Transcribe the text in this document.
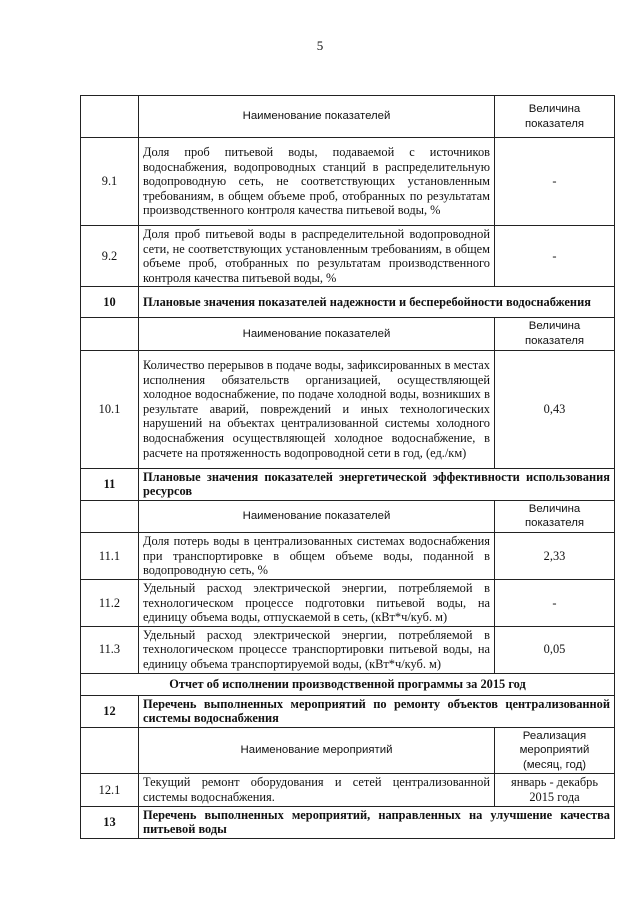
5
	Наименование показателей	Величина показателя
9.1	Доля проб питьевой воды, подаваемой с источников водоснабжения, водопроводных станций в распределительную водопроводную сеть, не соответствующих установленным требованиям, в общем объеме проб, отобранных по результатам производственного контроля качества питьевой воды, %	-
9.2	Доля проб питьевой воды в распределительной водопроводной сети, не соответствующих установленным требованиям, в общем объеме проб, отобранных по результатам производственного контроля качества питьевой воды, %	-
10	Плановые значения показателей надежности и бесперебойности водоснабжения	
	Наименование показателей	Величина показателя
10.1	Количество перерывов в подаче воды, зафиксированных в местах исполнения обязательств организацией, осуществляющей холодное водоснабжение, по подаче холодной воды, возникших в результате аварий, повреждений и иных технологических нарушений на объектах централизованной системы холодного водоснабжения осуществляющей холодное водоснабжение, в расчете на протяженность водопроводной сети в год, (ед./км)	0,43
11	Плановые значения показателей энергетической эффективности использования ресурсов	
	Наименование показателей	Величина показателя
11.1	Доля потерь воды в централизованных системах водоснабжения при транспортировке в общем объеме воды, поданной в водопроводную сеть, %	2,33
11.2	Удельный расход электрической энергии, потребляемой в технологическом процессе подготовки питьевой воды, на единицу объема воды, отпускаемой в сеть, (кВт*ч/куб. м)	-
11.3	Удельный расход электрической энергии, потребляемой в технологическом процессе транспортировки питьевой воды, на единицу объема транспортируемой воды, (кВт*ч/куб. м)	0,05
Отчет об исполнении производственной программы за 2015 год		
12	Перечень выполненных мероприятий по ремонту объектов централизованной системы водоснабжения	
	Наименование мероприятий	Реализация мероприятий (месяц, год)
12.1	Текущий ремонт оборудования и сетей централизованной системы водоснабжения.	январь - декабрь 2015 года
13	Перечень выполненных мероприятий, направленных на улучшение качества питьевой воды	
